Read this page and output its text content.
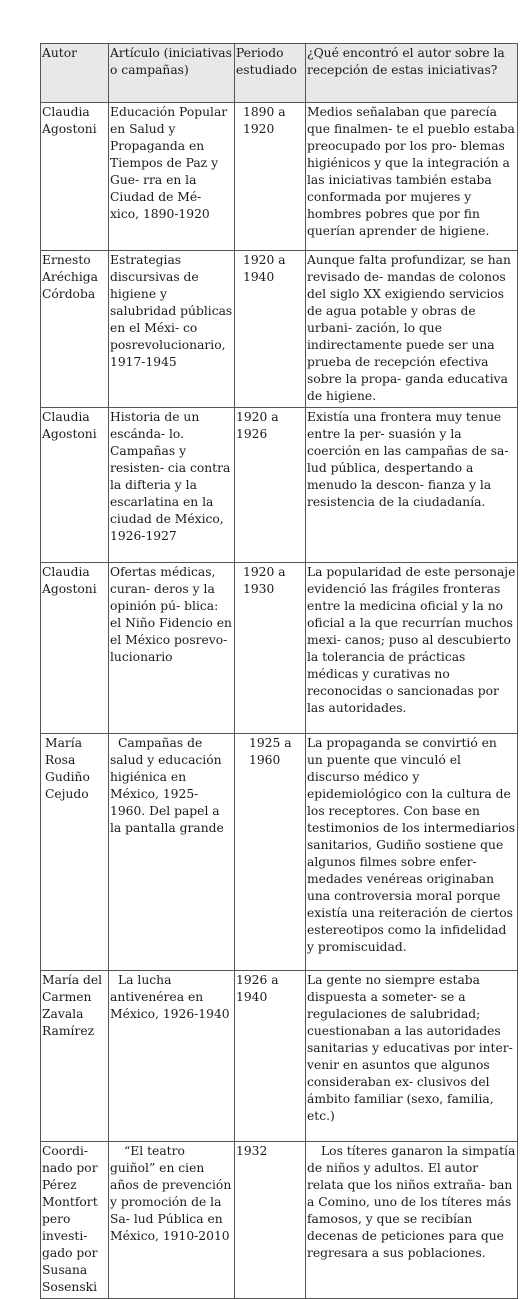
Autor	Artículo (iniciativas o campañas)	Periodo estudiado	¿Qué encontró el autor sobre la recepción de estas iniciativas?
Claudia Agostoni	Educación Popular en Salud y Propaganda en Tiempos de Paz y Gue- rra en la Ciudad de Mé- xico, 1890-1920	1890 a 1920	Medios señalaban que parecía que finalmen- te el pueblo estaba preocupado por los pro- blemas higiénicos y que la integración a las iniciativas también estaba conformada por mujeres y hombres pobres que por fin querían aprender de higiene.
Ernesto Aréchiga Córdoba	Estrategias discursivas de higiene y salubridad públicas en el Méxi- co posrevolucionario, 1917-1945	1920 a 1940	Aunque falta profundizar, se han revisado de- mandas de colonos del siglo XX exigiendo servicios de agua potable y obras de urbani- zación, lo que indirectamente puede ser una prueba de recepción efectiva sobre la propa- ganda educativa de higiene.
Claudia Agostoni	Historia de un escánda- lo. Campañas y resisten- cia contra la difteria y la escarlatina en la ciudad de México, 1926-1927	1920 a 1926	Existía una frontera muy tenue entre la per- suasión y la coerción en las campañas de sa- lud pública, despertando a menudo la descon- fianza y la resistencia de la ciudadanía.
Claudia Agostoni	Ofertas médicas, curan- deros y la opinión pú- blica: el Niño Fidencio en el México posrevo- lucionario	1920 a 1930	La popularidad de este personaje evidenció las frágiles fronteras entre la medicina oficial y la no oficial a la que recurrían muchos mexi- canos; puso al descubierto la tolerancia de prácticas médicas y curativas no reconocidas o sancionadas por las autoridades.
María Rosa Gudiño Cejudo	Campañas de salud y educación higiénica en México, 1925-1960. Del papel a la pantalla grande	1925 a 1960	La propaganda se convirtió en un puente que vinculó el discurso médico y epidemiológico con la cultura de los receptores. Con base en testimonios de los intermediarios sanitarios, Gudiño sostiene que algunos filmes sobre enfer- medades venéreas originaban una controversia moral porque existía una reiteración de ciertos estereotipos como la infidelidad y promiscuidad.
María del Carmen Zavala Ramírez	La lucha antivenérea en México, 1926-1940	1926 a 1940	La gente no siempre estaba dispuesta a someter- se a regulaciones de salubridad; cuestionaban a las autoridades sanitarias y educativas por inter- venir en asuntos que algunos consideraban ex- clusivos del ámbito familiar (sexo, familia, etc.)
Coordi- nado por Pérez Montfort pero investi- gado por Susana Sosenski	“El teatro guiñol” en cien años de prevención y promoción de la Sa- lud Pública en México, 1910-2010	1932	Los títeres ganaron la simpatía de niños y adultos. El autor relata que los niños extraña- ban a Comino, uno de los títeres más famosos, y que se recibían decenas de peticiones para que regresara a sus poblaciones.
